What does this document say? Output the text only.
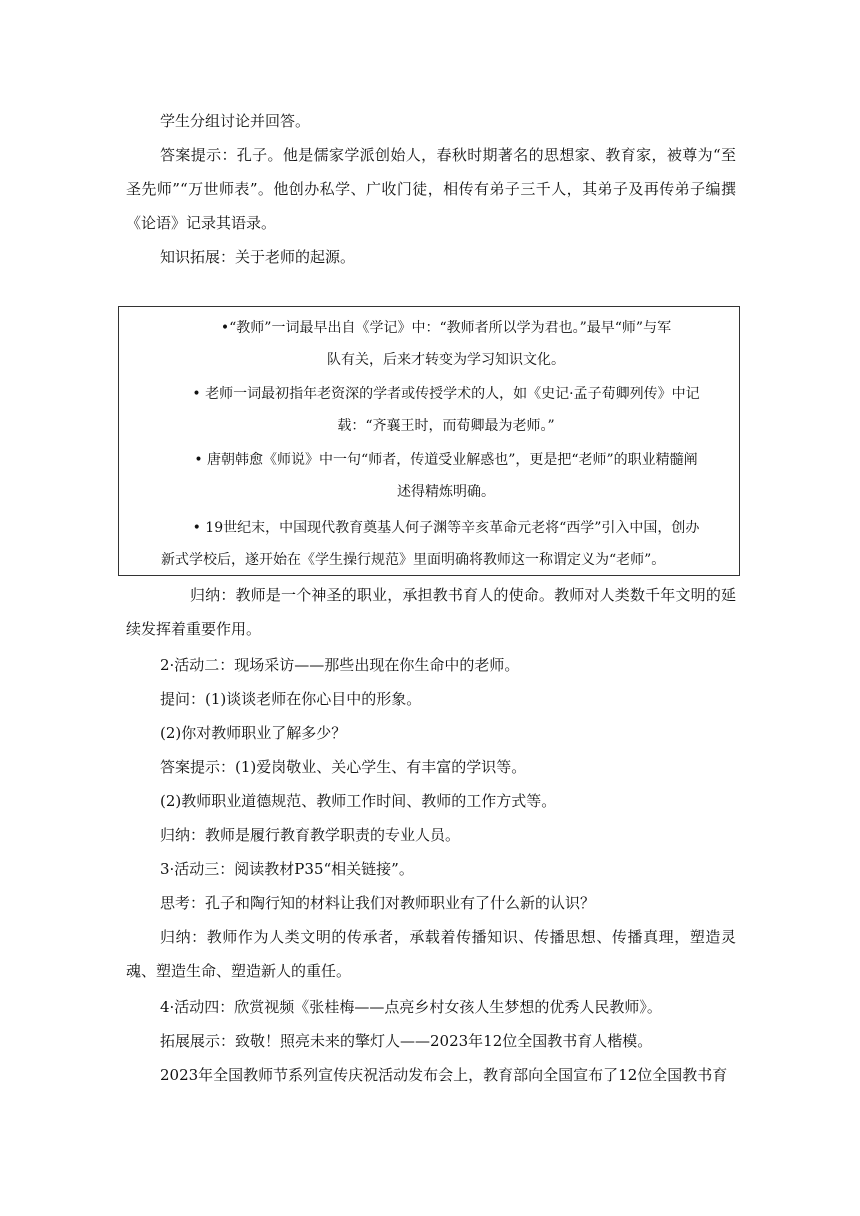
学生分组讨论并回答。

答案提示：孔子。他是儒家学派创始人，春秋时期著名的思想家、教育家，被尊为“至圣先师”“万世师表”。他创办私学、广收门徒，相传有弟子三千人，其弟子及再传弟子编撰《论语》记录其语录。

知识拓展：关于老师的起源。

•“教师”一词最早出自《学记》中：“教师者所以学为君也。”最早“师”与军

队有关，后来才转变为学习知识文化。

• 老师一词最初指年老资深的学者或传授学术的人，如《史记·孟子荀卿列传》中记

载：“齐襄王时，而荀卿最为老师。”

• 唐朝韩愈《师说》中一句“师者，传道受业解惑也”，更是把“老师”的职业精髓阐

述得精炼明确。

• 19世纪末，中国现代教育奠基人何子渊等辛亥革命元老将“西学”引入中国，创办

新式学校后，遂开始在《学生操行规范》里面明确将教师这一称谓定义为“老师”。

归纳：教师是一个神圣的职业，承担教书育人的使命。教师对人类数千年文明的延续发挥着重要作用。

2·活动二：现场采访——那些出现在你生命中的老师。

提问：(1)谈谈老师在你心目中的形象。

(2)你对教师职业了解多少？

答案提示：(1)爱岗敬业、关心学生、有丰富的学识等。

(2)教师职业道德规范、教师工作时间、教师的工作方式等。

归纳：教师是履行教育教学职责的专业人员。

3·活动三：阅读教材P35“相关链接”。

思考：孔子和陶行知的材料让我们对教师职业有了什么新的认识？

归纳：教师作为人类文明的传承者，承载着传播知识、传播思想、传播真理，塑造灵魂、塑造生命、塑造新人的重任。

4·活动四：欣赏视频《张桂梅——点亮乡村女孩人生梦想的优秀人民教师》。

拓展展示：致敬！照亮未来的擎灯人——2023年12位全国教书育人楷模。

2023年全国教师节系列宣传庆祝活动发布会上，教育部向全国宣布了12位全国教书育
